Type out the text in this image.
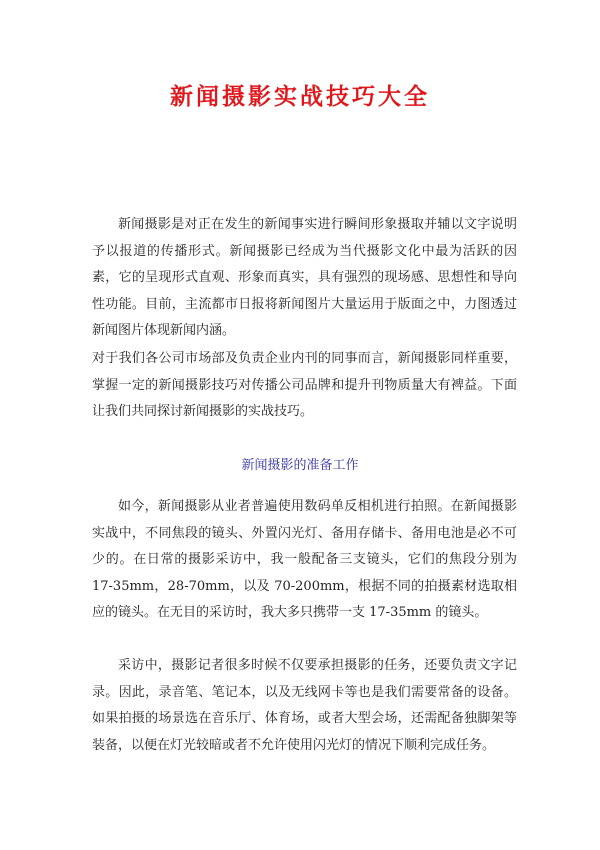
新闻摄影实战技巧大全

新闻摄影是对正在发生的新闻事实进行瞬间形象摄取并辅以文字说明予以报道的传播形式。新闻摄影已经成为当代摄影文化中最为活跃的因素，它的呈现形式直观、形象而真实，具有强烈的现场感、思想性和导向性功能。目前，主流都市日报将新闻图片大量运用于版面之中，力图透过新闻图片体现新闻内涵。

对于我们各公司市场部及负责企业内刊的同事而言，新闻摄影同样重要，掌握一定的新闻摄影技巧对传播公司品牌和提升刊物质量大有裨益。下面让我们共同探讨新闻摄影的实战技巧。

新闻摄影的准备工作

如今，新闻摄影从业者普遍使用数码单反相机进行拍照。在新闻摄影实战中，不同焦段的镜头、外置闪光灯、备用存储卡、备用电池是必不可少的。在日常的摄影采访中，我一般配备三支镜头，它们的焦段分别为 17-35mm，28-70mm，以及 70-200mm，根据不同的拍摄素材选取相应的镜头。在无目的采访时，我大多只携带一支 17-35mm 的镜头。

采访中，摄影记者很多时候不仅要承担摄影的任务，还要负责文字记录。因此，录音笔、笔记本，以及无线网卡等也是我们需要常备的设备。如果拍摄的场景选在音乐厅、体育场，或者大型会场，还需配备独脚架等装备，以便在灯光较暗或者不允许使用闪光灯的情况下顺利完成任务。
